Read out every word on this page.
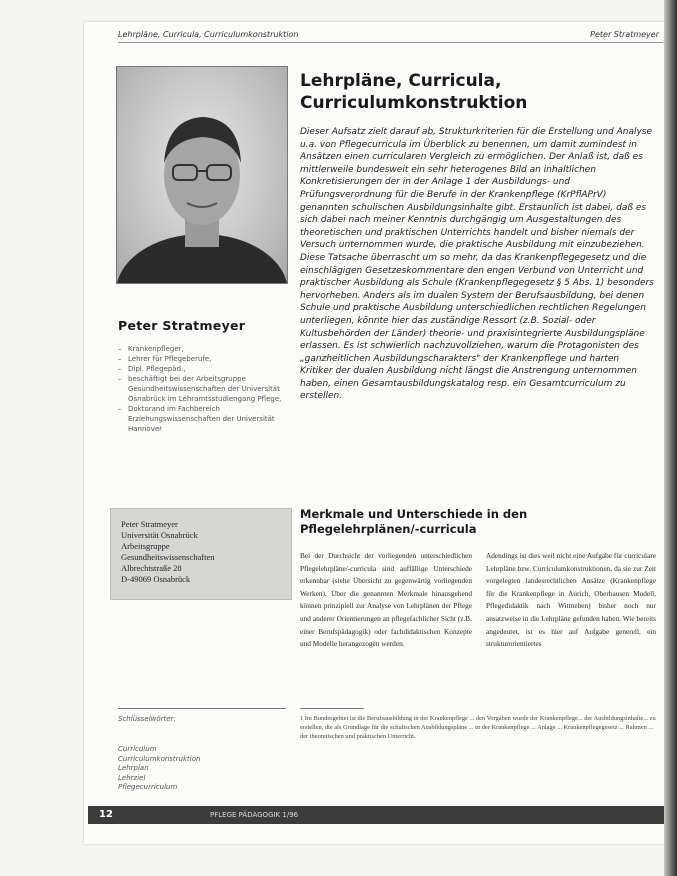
Lehrpläne, Curricula, Curriculumkonstruktion	Peter Stratmeyer
Peter Stratmeyer
– Krankenpfleger,
– Lehrer für Pflegeberufe,
– Dipl. Pflegepäd.,
– beschäftigt bei der Arbeitsgruppe Gesundheitswissenschaften der Universität Osnabrück im Lehramtsstudiengang Pflege,
– Doktorand im Fachbereich Erziehungswissenschaften der Universität Hannover
Peter Stratmeyer
Universität Osnabrück
Arbeitsgruppe
Gesundheitswissenschaften
Albrechtstraße 28
D-49069 Osnabrück
Lehrpläne, Curricula,
Curriculumkonstruktion

Dieser Aufsatz zielt darauf ab, Strukturkriterien für die Erstellung und Analyse u.a. von Pflegecurricula im Überblick zu benennen, um damit zumindest in Ansätzen einen curricularen Vergleich zu ermöglichen. Der Anlaß ist, daß es mittlerweile bundesweit ein sehr heterogenes Bild an inhaltlichen Konkretisierungen der in der Anlage 1 der Ausbildungs- und Prüfungsverordnung für die Berufe in der Krankenpflege (KrPflAPrV) genannten schulischen Ausbildungsinhalte gibt. Erstaunlich ist dabei, daß es sich dabei nach meiner Kenntnis durchgängig um Ausgestaltungen des theoretischen und praktischen Unterrichts handelt und bisher niemals der Versuch unternommen wurde, die praktische Ausbildung mit einzubeziehen. Diese Tatsache überrascht um so mehr, da das Krankenpflegegesetz und die einschlägigen Gesetzeskommentare den engen Verbund von Unterricht und praktischer Ausbildung als Schule (Krankenpflegegesetz § 5 Abs. 1) besonders hervorheben. Anders als im dualen System der Berufsausbildung, bei denen Schule und praktische Ausbildung unterschiedlichen rechtlichen Regelungen unterliegen, könnte hier das zuständige Ressort (z.B. Sozial- oder Kultusbehörden der Länder) theorie- und praxisintegrierte Ausbildungspläne erlassen. Es ist schwierlich nachzuvollziehen, warum die Protagonisten des „ganzheitlichen Ausbildungscharakters" der Krankenpflege und harten Kritiker der dualen Ausbildung nicht längst die Anstrengung unternommen haben, einen Gesamtausbildungskatalog resp. ein Gesamtcurriculum zu erstellen.

Merkmale und Unterschiede in den
Pflegelehrplänen/-curricula

Bei der Durchsicht der vorliegenden unterschiedlichen Pflegelehrpläne/-curricula sind auffällige Unterschiede erkennbar (siehe Übersicht zu gegenwärtig vorliegenden Werken). Über die genannten Merkmale hinausgehend können prinzipiell zur Analyse von Lehrplänen der Pflege und anderer Orientierungen an pflegefachlicher Sicht (z.B. einer Berufspädagogik) oder fachdidaktischen Konzepte und Modelle herangezogen werden.

Adendings ist dies weil nicht eine Aufgabe für curriculare Lehrpläne bzw. Curriculumkonstruktionen, da sie zur Zeit vorgelegten landesrechtlichen Ansätze (Krankenpflege für die Krankenpflege in Aurich, Oberhausen Modell, Pflegedidaktik nach Wittneben) bisher noch nur ansatzweise in die Lehrpläne gefunden haben. Wie bereits angedeutet, ist es hier auf Aufgabe generell, ein strukturorientiertes

Schlüsselwörter:
Curriculum
Curriculumkonstruktion
Lehrplan
Lehrziel
Pflegecurriculum

1 Im Bundesgebiet ist die Berufsausbildung in der Krankenpflege ... den Vorgaben wurde der Krankenpflege... der Ausbildungsinhalte... zu erstellen, die als Grundlage für die schulischen Ausbildungspläne ... in der Krankenpflege ... Anlage ... Krankenpflegegesetz ... Rahmen ... der theoretischen und praktischen Unterricht.

12	PFLEGE PÄDAGOGIK 1/96
